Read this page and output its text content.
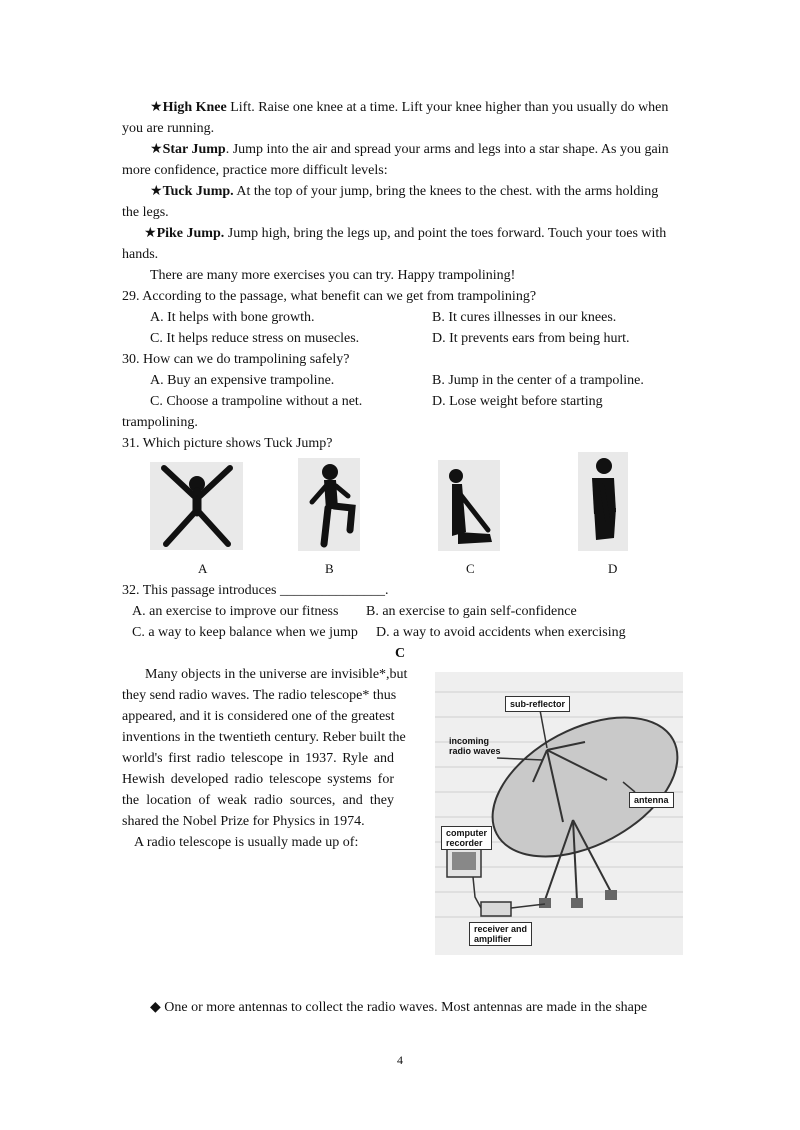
★High Knee Lift. Raise one knee at a time. Lift your knee higher than you usually do when
you are running.
★Star Jump. Jump into the air and spread your arms and legs into a star shape. As you gain
more confidence, practice more difficult levels:
★Tuck Jump. At the top of your jump, bring the knees to the chest. with the arms holding
the legs.
★Pike Jump. Jump high, bring the legs up, and point the toes forward. Touch your toes with
hands.
There are many more exercises you can try. Happy trampolining!
29. According to the passage, what benefit can we get from trampolining?
A. It helps with bone growth.	B. It cures illnesses in our knees.
C. It helps reduce stress on musecles.	D. It prevents ears from being hurt.
30. How can we do trampolining safely?
A. Buy an expensive trampoline.	B. Jump in the center of a trampoline.
C. Choose a trampoline without a net.	D. Lose weight before starting
trampolining.
31. Which picture shows Tuck Jump?
A	B	C	D
32. This passage introduces _______________.
A. an exercise to improve our fitness B. an exercise to gain self-confidence
C. a way to keep balance when we jump D. a way to avoid accidents when exercising
C
Many objects in the universe are invisible*,but
they send radio waves. The radio telescope* thus
appeared, and it is considered one of the greatest
inventions in the twentieth century. Reber built the
world's first radio telescope in 1937. Ryle and
Hewish developed radio telescope systems for
the location of weak radio sources, and they
shared the Nobel Prize for Physics in 1974.
A radio telescope is usually made up of:
sub-reflector
incoming
radio waves
antenna
computer
recorder
receiver and
amplifier
◆ One or more antennas to collect the radio waves. Most antennas are made in the shape
4
